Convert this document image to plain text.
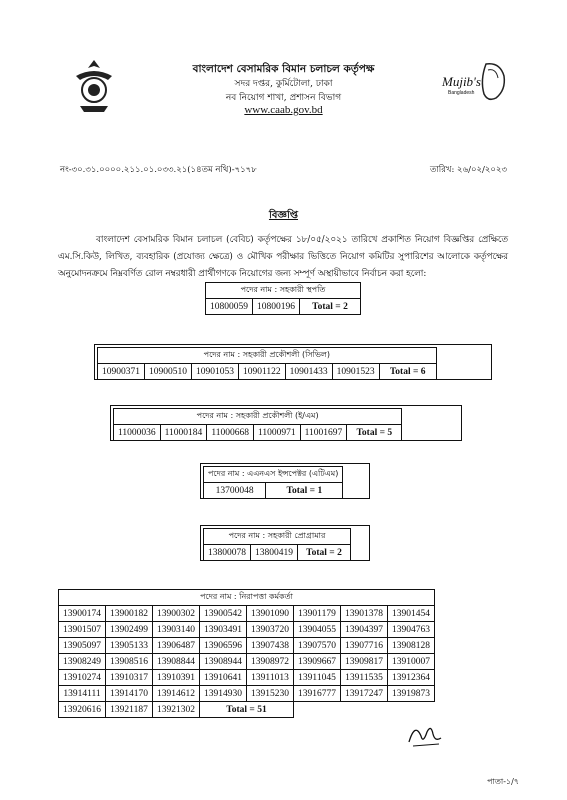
Mujib's
Bangladesh
বাংলাদেশ বেসামরিক বিমান চলাচল কর্তৃপক্ষ
সদর দপ্তর, কুর্মিটোলা, ঢাকা
নব নিয়োগ শাখা, প্রশাসন বিভাগ
www.caab.gov.bd
নং-৩০.৩১.০০০০.২১১.০১.০৩৩.২১(১৪তম নথি)-৭১৭৮	তারিখ: ২৬/০২/২০২৩
বিজ্ঞপ্তি
বাংলাদেশ বেসামরিক বিমান চলাচল (বেবিচ) কর্তৃপক্ষের ১৮/০৫/২০২১ তারিখে প্রকাশিত নিয়োগ বিজ্ঞপ্তির প্রেক্ষিতে এম.সি.কিউ, লিখিত, ব্যবহারিক (প্রযোজ্য ক্ষেত্রে) ও মৌখিক পরীক্ষার ভিত্তিতে নিয়োগ কমিটির সুপারিশের আলোকে কর্তৃপক্ষের অনুমোদনক্রমে নিম্নবর্ণিত রোল নম্বরধারী প্রার্থীগণকে নিয়োগের জন্য সম্পূর্ণ অস্থায়ীভাবে নির্বাচন করা হলো:
পদের নাম : সহকারী স্থপতি
10800059	10800196	Total = 2
পদের নাম : সহকারী প্রকৌশলী (সিভিল)
10900371	10900510	10901053	10901122	10901433	10901523	Total = 6
পদের নাম : সহকারী প্রকৌশলী (ই/এম)
11000036	11000184	11000668	11000971	11001697	Total = 5
পদের নাম : এএনএস ইন্সপেক্টর (এটিএম)
13700048	Total = 1
পদের নাম : সহকারী প্রোগ্রামার
13800078	13800419	Total = 2
পদের নাম : নিরাপত্তা কর্মকর্তা							
13900174	13900182	13900302	13900542	13901090	13901179	13901378	13901454
13901507	13902499	13903140	13903491	13903720	13904055	13904397	13904763
13905097	13905133	13906487	13906596	13907438	13907570	13907716	13908128
13908249	13908516	13908844	13908944	13908972	13909667	13909817	13910007
13910274	13910317	13910391	13910641	13911013	13911045	13911535	13912364
13914111	13914170	13914612	13914930	13915230	13916777	13917247	13919873
13920616	13921187	13921302	Total = 51				
পাতা-১/৭
